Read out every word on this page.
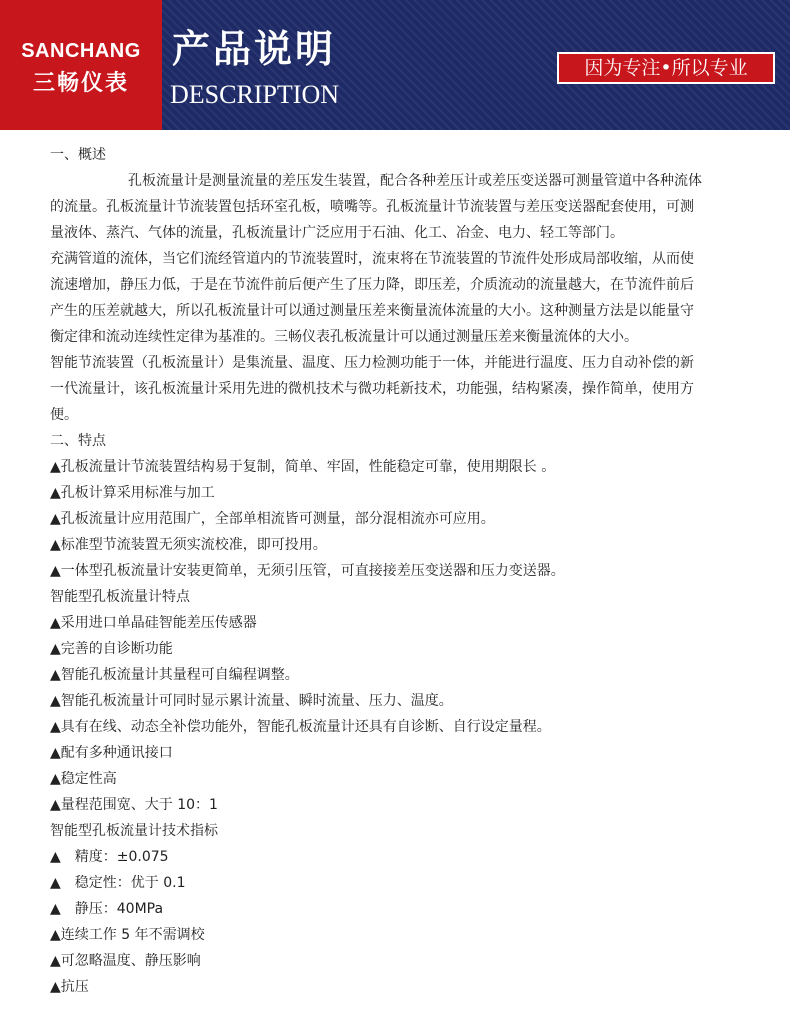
SANCHANG
三畅仪表
产品说明
DESCRIPTION
因为专注•所以专业
一、概述
孔板流量计是测量流量的差压发生装置，配合各种差压计或差压变送器可测量管道中各种流体
的流量。孔板流量计节流装置包括环室孔板，喷嘴等。孔板流量计节流装置与差压变送器配套使用，可测
量液体、蒸汽、气体的流量，孔板流量计广泛应用于石油、化工、冶金、电力、轻工等部门。
充满管道的流体，当它们流经管道内的节流装置时，流束将在节流装置的节流件处形成局部收缩，从而使
流速增加，静压力低，于是在节流件前后便产生了压力降，即压差，介质流动的流量越大，在节流件前后
产生的压差就越大，所以孔板流量计可以通过测量压差来衡量流体流量的大小。这种测量方法是以能量守
衡定律和流动连续性定律为基准的。三畅仪表孔板流量计可以通过测量压差来衡量流体的大小。
智能节流装置（孔板流量计）是集流量、温度、压力检测功能于一体，并能进行温度、压力自动补偿的新
一代流量计，该孔板流量计采用先进的微机技术与微功耗新技术，功能强，结构紧凑，操作简单，使用方
便。
二、特点
▲孔板流量计节流装置结构易于复制，简单、牢固，性能稳定可靠，使用期限长 。
▲孔板计算采用标准与加工
▲孔板流量计应用范围广，全部单相流皆可测量，部分混相流亦可应用。
▲标准型节流装置无须实流校准，即可投用。
▲一体型孔板流量计安装更简单，无须引压管，可直接接差压变送器和压力变送器。
智能型孔板流量计特点
▲采用进口单晶硅智能差压传感器
▲完善的自诊断功能
▲智能孔板流量计其量程可自编程调整。
▲智能孔板流量计可同时显示累计流量、瞬时流量、压力、温度。
▲具有在线、动态全补偿功能外，智能孔板流量计还具有自诊断、自行设定量程。
▲配有多种通讯接口
▲稳定性高
▲量程范围宽、大于 10：1
智能型孔板流量计技术指标
▲　精度：±0.075
▲　稳定性：优于 0.1
▲　静压：40MPa
▲连续工作 5 年不需调校
▲可忽略温度、静压影响
▲抗压
